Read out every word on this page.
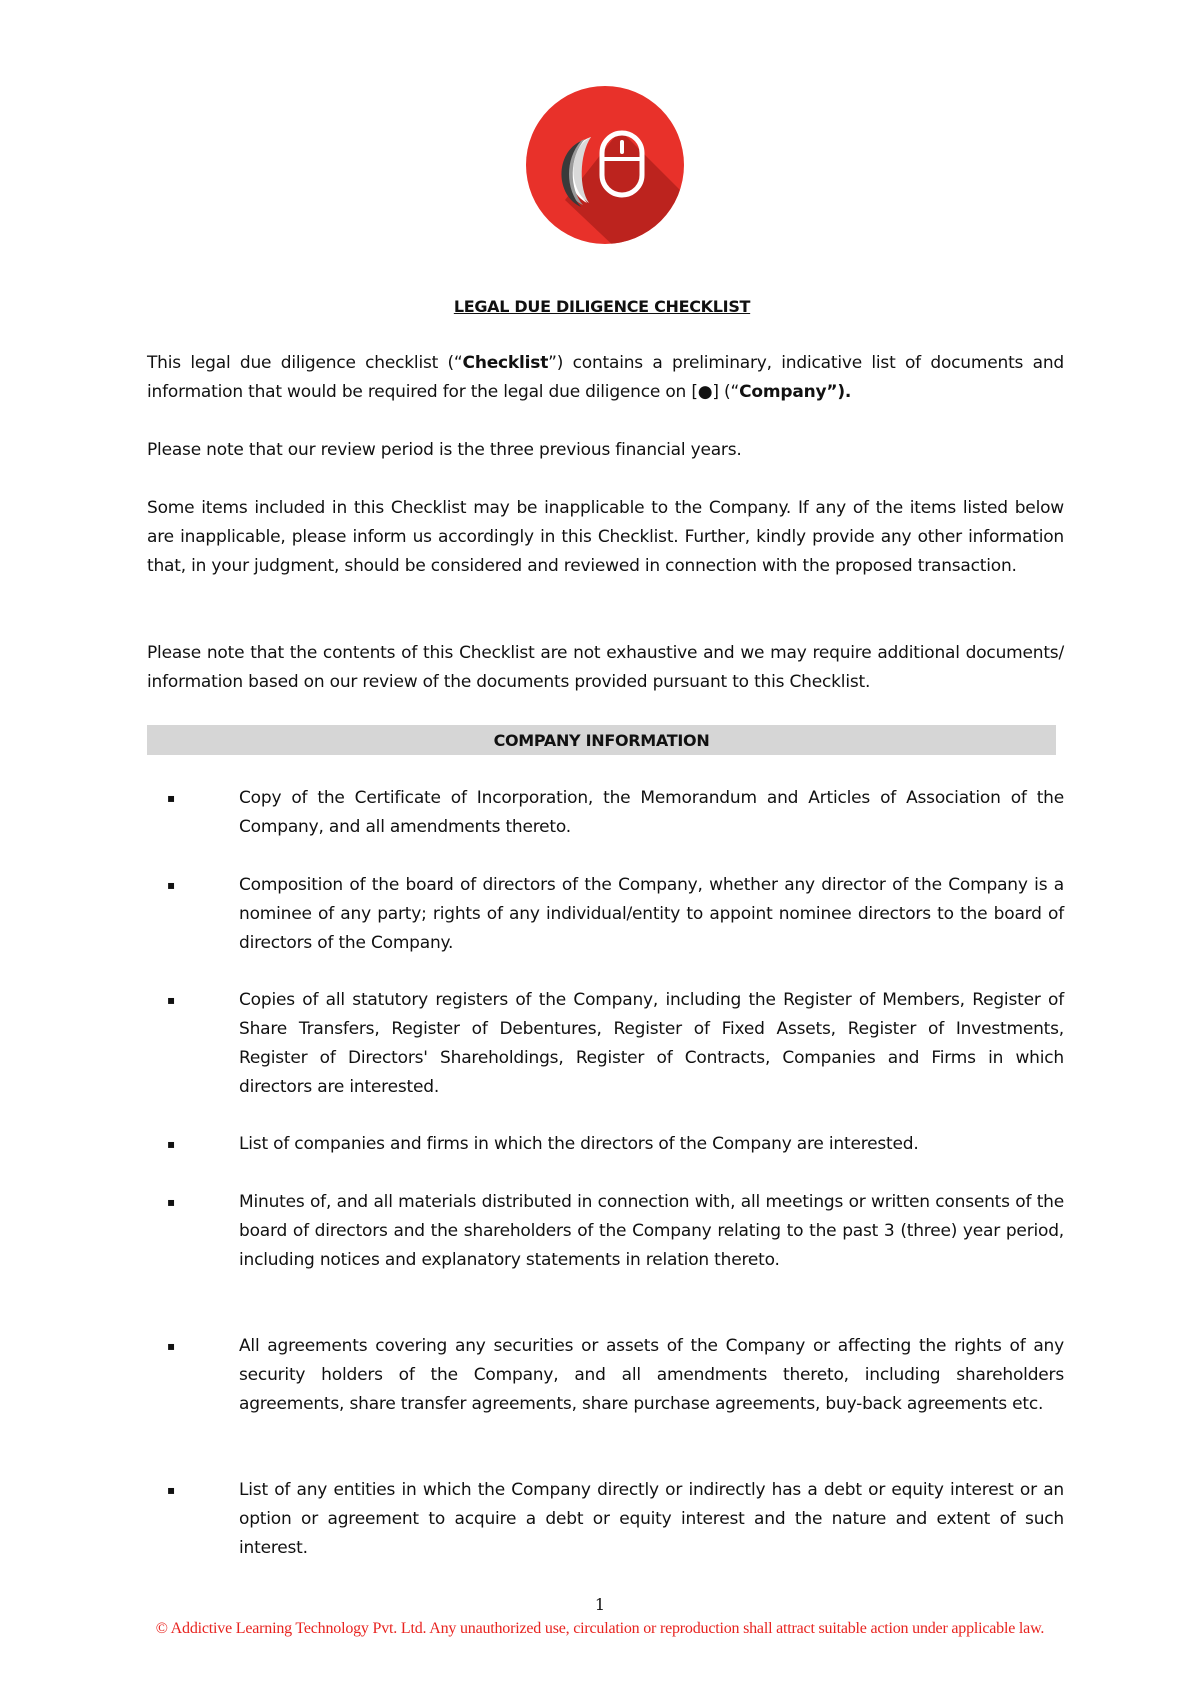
LEGAL DUE DILIGENCE CHECKLIST

This legal due diligence checklist (“Checklist”) contains a preliminary, indicative list of documents and information that would be required for the legal due diligence on [●] (“Company”).

Please note that our review period is the three previous financial years.

Some items included in this Checklist may be inapplicable to the Company. If any of the items listed below are inapplicable, please inform us accordingly in this Checklist. Further, kindly provide any other information that, in your judgment, should be considered and reviewed in connection with the proposed transaction.

Please note that the contents of this Checklist are not exhaustive and we may require additional documents/ information based on our review of the documents provided pursuant to this Checklist.

COMPANY INFORMATION
▪	Copy of the Certificate of Incorporation, the Memorandum and Articles of Association of the Company, and all amendments thereto.

▪	Composition of the board of directors of the Company, whether any director of the Company is a nominee of any party; rights of any individual/entity to appoint nominee directors to the board of directors of the Company.

▪	Copies of all statutory registers of the Company, including the Register of Members, Register of Share Transfers, Register of Debentures, Register of Fixed Assets, Register of Investments, Register of Directors' Shareholdings, Register of Contracts, Companies and Firms in which directors are interested.

▪	List of companies and firms in which the directors of the Company are interested.

▪	Minutes of, and all materials distributed in connection with, all meetings or written consents of the board of directors and the shareholders of the Company relating to the past 3 (three) year period, including notices and explanatory statements in relation thereto.

▪	All agreements covering any securities or assets of the Company or affecting the rights of any security holders of the Company, and all amendments thereto, including shareholders agreements, share transfer agreements, share purchase agreements, buy-back agreements etc.

▪	List of any entities in which the Company directly or indirectly has a debt or equity interest or an option or agreement to acquire a debt or equity interest and the nature and extent of such interest.

1
© Addictive Learning Technology Pvt. Ltd. Any unauthorized use, circulation or reproduction shall attract suitable action under applicable law.
